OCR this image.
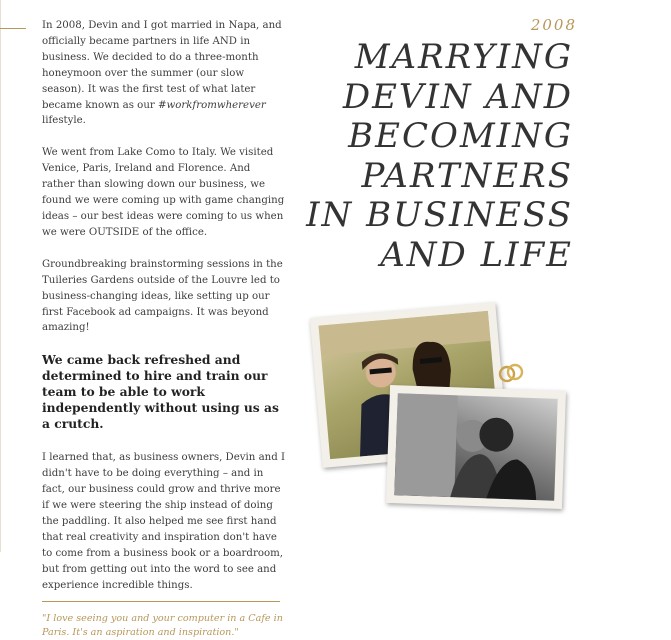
In 2008, Devin and I got married in Napa, and officially became partners in life AND in business. We decided to do a three-month honeymoon over the summer (our slow season). It was the first test of what later became known as our #workfromwherever lifestyle.

We went from Lake Como to Italy. We visited Venice, Paris, Ireland and Florence. And rather than slowing down our business, we found we were coming up with game changing ideas – our best ideas were coming to us when we were OUTSIDE of the office.

Groundbreaking brainstorming sessions in the Tuileries Gardens outside of the Louvre led to business-changing ideas, like setting up our first Facebook ad campaigns. It was beyond amazing!

We came back refreshed and determined to hire and train our team to be able to work independently without using us as a crutch.

I learned that, as business owners, Devin and I didn't have to be doing everything – and in fact, our business could grow and thrive more if we were steering the ship instead of doing the paddling. It also helped me see first hand that real creativity and inspiration don't have to come from a business book or a boardroom, but from getting out into the word to see and experience incredible things.

"I love seeing you and your computer in a Cafe in Paris. It's an aspiration and inspiration."
2008
MARRYING
DEVIN AND
BECOMING
PARTNERS
IN BUSINESS
AND LIFE
